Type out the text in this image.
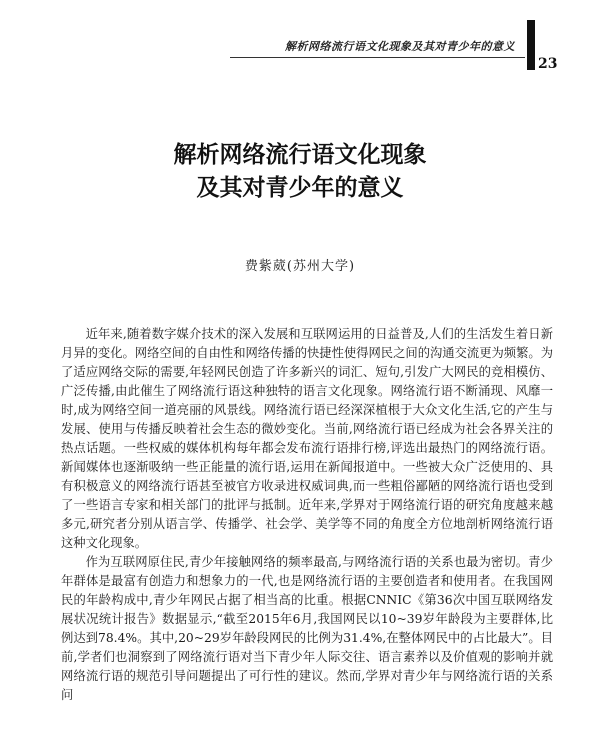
解析网络流行语文化现象及其对青少年的意义
23
解析网络流行语文化现象
及其对青少年的意义
费紫葳(苏州大学)

近年来,随着数字媒介技术的深入发展和互联网运用的日益普及,人们的生活发生着日新月异的变化。网络空间的自由性和网络传播的快捷性使得网民之间的沟通交流更为频繁。为了适应网络交际的需要,年轻网民创造了许多新兴的词汇、短句,引发广大网民的竞相模仿、广泛传播,由此催生了网络流行语这种独特的语言文化现象。网络流行语不断涌现、风靡一时,成为网络空间一道亮丽的风景线。网络流行语已经深深植根于大众文化生活,它的产生与发展、使用与传播反映着社会生态的微妙变化。当前,网络流行语已经成为社会各界关注的热点话题。一些权威的媒体机构每年都会发布流行语排行榜,评选出最热门的网络流行语。新闻媒体也逐渐吸纳一些正能量的流行语,运用在新闻报道中。一些被大众广泛使用的、具有积极意义的网络流行语甚至被官方收录进权威词典,而一些粗俗鄙陋的网络流行语也受到了一些语言专家和相关部门的批评与抵制。近年来,学界对于网络流行语的研究角度越来越多元,研究者分别从语言学、传播学、社会学、美学等不同的角度全方位地剖析网络流行语这种文化现象。

作为互联网原住民,青少年接触网络的频率最高,与网络流行语的关系也最为密切。青少年群体是最富有创造力和想象力的一代,也是网络流行语的主要创造者和使用者。在我国网民的年龄构成中,青少年网民占据了相当高的比重。根据CNNIC《第36次中国互联网络发展状况统计报告》数据显示,“截至2015年6月,我国网民以10~39岁年龄段为主要群体,比例达到78.4%。其中,20~29岁年龄段网民的比例为31.4%,在整体网民中的占比最大”。目前,学者们也洞察到了网络流行语对当下青少年人际交往、语言素养以及价值观的影响并就网络流行语的规范引导问题提出了可行性的建议。然而,学界对青少年与网络流行语的关系问
